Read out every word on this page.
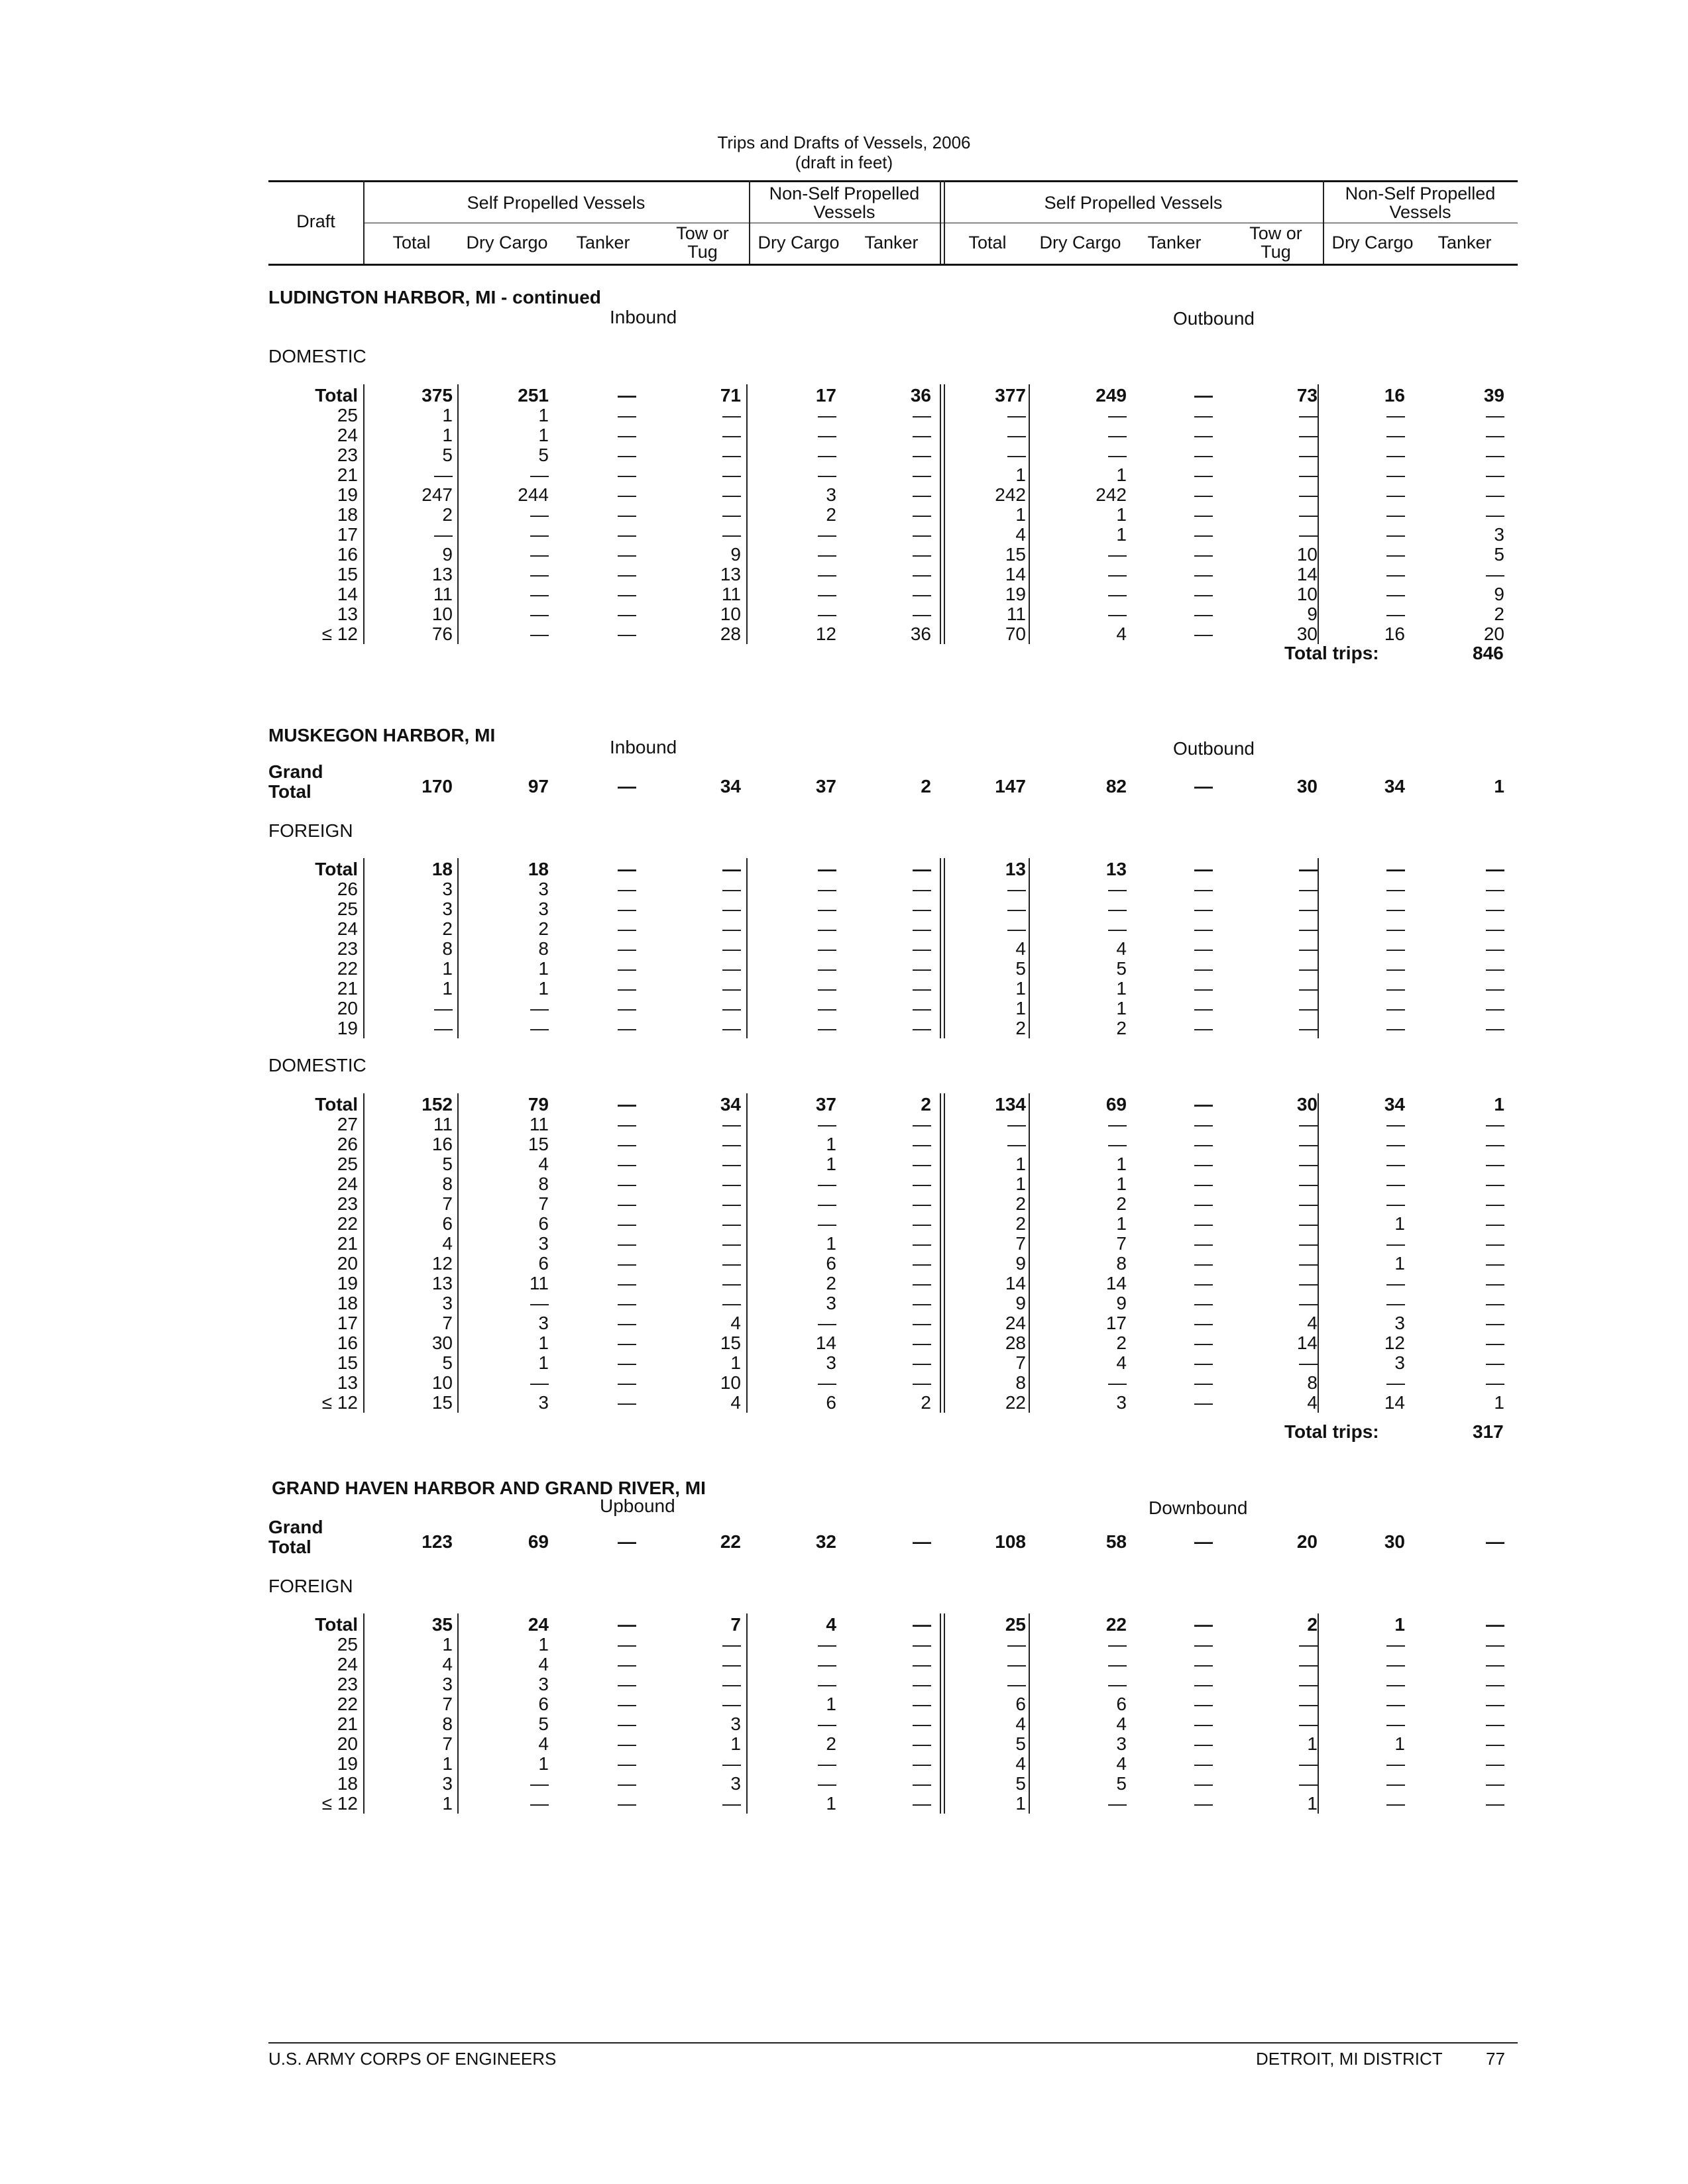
Trips and Drafts of Vessels, 2006
(draft in feet)
Draft
Self Propelled Vessels	Non-Self Propelled Vessels	Self Propelled Vessels	Non-Self Propelled Vessels
Total	Dry Cargo	Tanker	Tow or Tug	Dry Cargo	Tanker	Total	Dry Cargo	Tanker	Tow or Tug	Dry Cargo	Tanker
LUDINGTON HARBOR, MI - continued
Inbound	Outbound
DOMESTIC
Total	375	251	—	71	17	36	377	249	—	73	16	39
25	1	1	—	—	—	—	—	—	—	—	—	—
24	1	1	—	—	—	—	—	—	—	—	—	—
23	5	5	—	—	—	—	—	—	—	—	—	—
21	—	—	—	—	—	—	1	1	—	—	—	—
19	247	244	—	—	3	—	242	242	—	—	—	—
18	2	—	—	—	2	—	1	1	—	—	—	—
17	—	—	—	—	—	—	4	1	—	—	—	3
16	9	—	—	9	—	—	15	—	—	10	—	5
15	13	—	—	13	—	—	14	—	—	14	—	—
14	11	—	—	11	—	—	19	—	—	10	—	9
13	10	—	—	10	—	—	11	—	—	9	—	2
≤ 12	76	—	—	28	12	36	70	4	—	30	16	20
Total trips:	846
MUSKEGON HARBOR, MI
Inbound	Outbound
Grand Total	170	97	—	34	37	2	147	82	—	30	34	1
FOREIGN
Total	18	18	—	—	—	—	13	13	—	—	—	—
26	3	3	—	—	—	—	—	—	—	—	—	—
25	3	3	—	—	—	—	—	—	—	—	—	—
24	2	2	—	—	—	—	—	—	—	—	—	—
23	8	8	—	—	—	—	4	4	—	—	—	—
22	1	1	—	—	—	—	5	5	—	—	—	—
21	1	1	—	—	—	—	1	1	—	—	—	—
20	—	—	—	—	—	—	1	1	—	—	—	—
19	—	—	—	—	—	—	2	2	—	—	—	—
DOMESTIC
Total	152	79	—	34	37	2	134	69	—	30	34	1
27	11	11	—	—	—	—	—	—	—	—	—	—
26	16	15	—	—	1	—	—	—	—	—	—	—
25	5	4	—	—	1	—	1	1	—	—	—	—
24	8	8	—	—	—	—	1	1	—	—	—	—
23	7	7	—	—	—	—	2	2	—	—	—	—
22	6	6	—	—	—	—	2	1	—	—	1	—
21	4	3	—	—	1	—	7	7	—	—	—	—
20	12	6	—	—	6	—	9	8	—	—	1	—
19	13	11	—	—	2	—	14	14	—	—	—	—
18	3	—	—	—	3	—	9	9	—	—	—	—
17	7	3	—	4	—	—	24	17	—	4	3	—
16	30	1	—	15	14	—	28	2	—	14	12	—
15	5	1	—	1	3	—	7	4	—	—	3	—
13	10	—	—	10	—	—	8	—	—	8	—	—
≤ 12	15	3	—	4	6	2	22	3	—	4	14	1
Total trips:	317
GRAND HAVEN HARBOR AND GRAND RIVER, MI
Upbound	Downbound
Grand Total	123	69	—	22	32	—	108	58	—	20	30	—
FOREIGN
Total	35	24	—	7	4	—	25	22	—	2	1	—
25	1	1	—	—	—	—	—	—	—	—	—	—
24	4	4	—	—	—	—	—	—	—	—	—	—
23	3	3	—	—	—	—	—	—	—	—	—	—
22	7	6	—	—	1	—	6	6	—	—	—	—
21	8	5	—	3	—	—	4	4	—	—	—	—
20	7	4	—	1	2	—	5	3	—	1	1	—
19	1	1	—	—	—	—	4	4	—	—	—	—
18	3	—	—	3	—	—	5	5	—	—	—	—
≤ 12	1	—	—	—	1	—	1	—	—	1	—	—
U.S. ARMY CORPS OF ENGINEERS	DETROIT, MI DISTRICT	77
